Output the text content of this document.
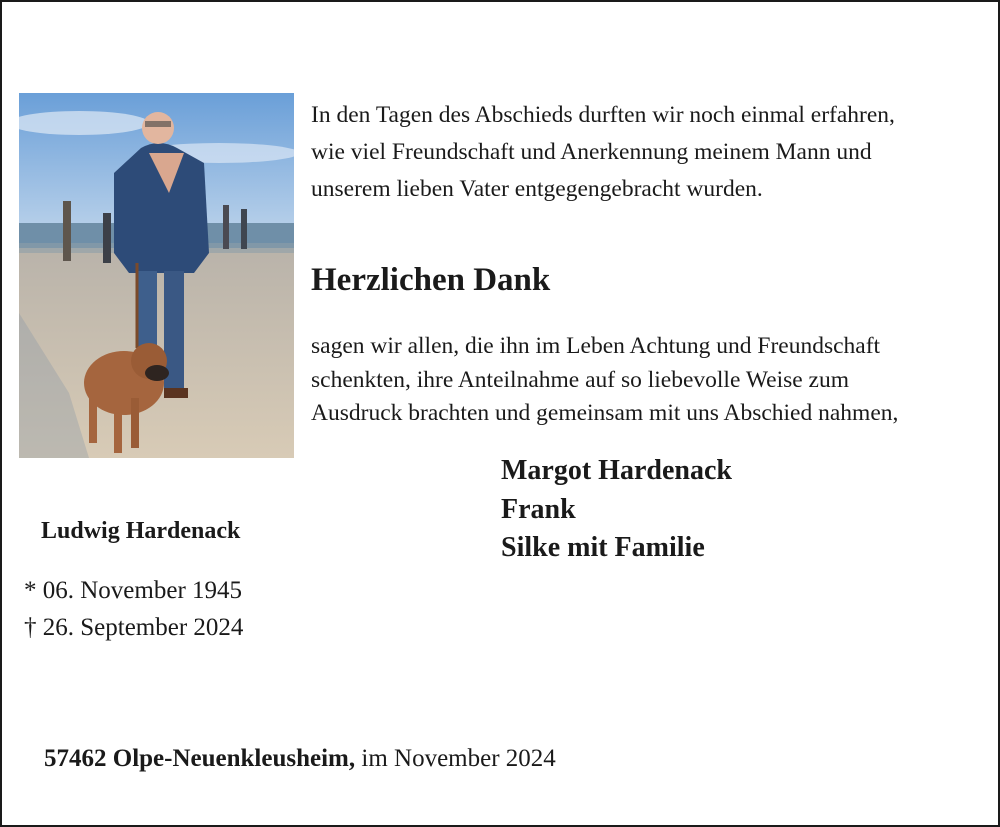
In den Tagen des Abschieds durften wir noch einmal erfahren,
wie viel Freundschaft und Anerkennung meinem Mann und
unserem lieben Vater entgegengebracht wurden.
Herzlichen Dank
sagen wir allen, die ihn im Leben Achtung und Freundschaft
schenkten, ihre Anteilnahme auf so liebevolle Weise zum
Ausdruck brachten und gemeinsam mit uns Abschied nahmen,
Margot Hardenack
Frank
Silke mit Familie
Ludwig Hardenack
* 06. November 1945
† 26. September 2024
57462 Olpe-Neuenkleusheim, im November 2024
